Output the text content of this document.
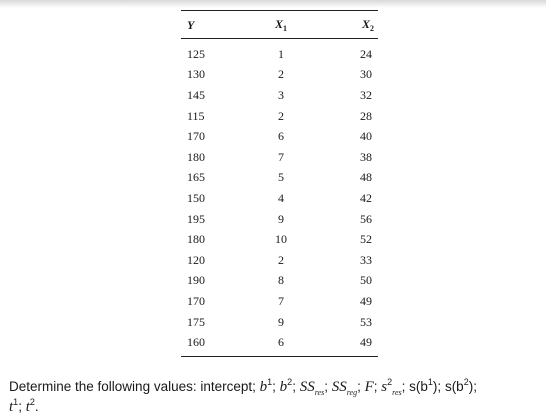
Y	$X_1$	$X_2$
125	1	24
130	2	30
145	3	32
115	2	28
170	6	40
180	7	38
165	5	48
150	4	42
195	9	56
180	10	52
120	2	33
190	8	50
170	7	49
175	9	53
160	6	49
Determine the following values: intercept; $b^1$; $b^2$; $SS_{res}$; $SS_{reg}$; F; $s^2_{res}$; $s(b^1)$; $s(b^2)$;
$t^1$; $t^2$.
